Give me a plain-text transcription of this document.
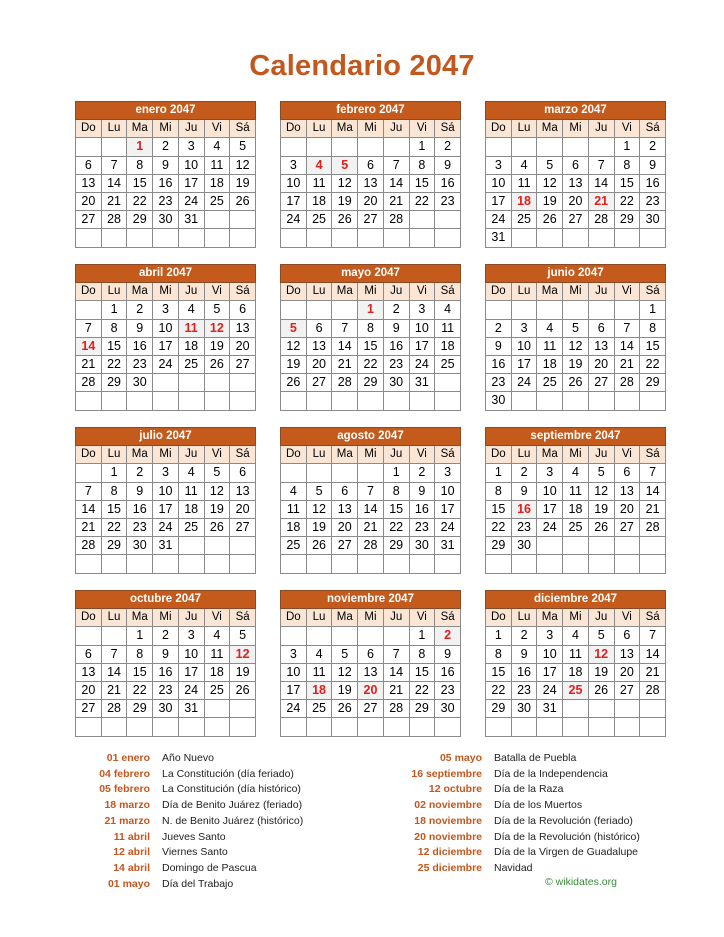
Calendario 2047
enero 2047						
Do	Lu	Ma	Mi	Ju	Vi	Sá
		1	2	3	4	5
6	7	8	9	10	11	12
13	14	15	16	17	18	19
20	21	22	23	24	25	26
27	28	29	30	31		

febrero 2047						
Do	Lu	Ma	Mi	Ju	Vi	Sá
					1	2
3	4	5	6	7	8	9
10	11	12	13	14	15	16
17	18	19	20	21	22	23
24	25	26	27	28		

marzo 2047						
Do	Lu	Ma	Mi	Ju	Vi	Sá
					1	2
3	4	5	6	7	8	9
10	11	12	13	14	15	16
17	18	19	20	21	22	23
24	25	26	27	28	29	30
31						
abril 2047						
Do	Lu	Ma	Mi	Ju	Vi	Sá
	1	2	3	4	5	6
7	8	9	10	11	12	13
14	15	16	17	18	19	20
21	22	23	24	25	26	27
28	29	30				

mayo 2047						
Do	Lu	Ma	Mi	Ju	Vi	Sá
			1	2	3	4
5	6	7	8	9	10	11
12	13	14	15	16	17	18
19	20	21	22	23	24	25
26	27	28	29	30	31	

junio 2047						
Do	Lu	Ma	Mi	Ju	Vi	Sá
						1
2	3	4	5	6	7	8
9	10	11	12	13	14	15
16	17	18	19	20	21	22
23	24	25	26	27	28	29
30						
julio 2047						
Do	Lu	Ma	Mi	Ju	Vi	Sá
	1	2	3	4	5	6
7	8	9	10	11	12	13
14	15	16	17	18	19	20
21	22	23	24	25	26	27
28	29	30	31			

agosto 2047						
Do	Lu	Ma	Mi	Ju	Vi	Sá
				1	2	3
4	5	6	7	8	9	10
11	12	13	14	15	16	17
18	19	20	21	22	23	24
25	26	27	28	29	30	31

septiembre 2047						
Do	Lu	Ma	Mi	Ju	Vi	Sá
1	2	3	4	5	6	7
8	9	10	11	12	13	14
15	16	17	18	19	20	21
22	23	24	25	26	27	28
29	30					

octubre 2047						
Do	Lu	Ma	Mi	Ju	Vi	Sá
		1	2	3	4	5
6	7	8	9	10	11	12
13	14	15	16	17	18	19
20	21	22	23	24	25	26
27	28	29	30	31		

noviembre 2047						
Do	Lu	Ma	Mi	Ju	Vi	Sá
					1	2
3	4	5	6	7	8	9
10	11	12	13	14	15	16
17	18	19	20	21	22	23
24	25	26	27	28	29	30

diciembre 2047						
Do	Lu	Ma	Mi	Ju	Vi	Sá
1	2	3	4	5	6	7
8	9	10	11	12	13	14
15	16	17	18	19	20	21
22	23	24	25	26	27	28
29	30	31				

01 enero Año Nuevo
04 febrero La Constitución (día feriado)
05 febrero La Constitución (día histórico)
18 marzo Día de Benito Juárez (feriado)
21 marzo N. de Benito Juárez (histórico)
11 abril Jueves Santo
12 abril Viernes Santo
14 abril Domingo de Pascua
01 mayo Día del Trabajo
05 mayo Batalla de Puebla
16 septiembre Día de la Independencia
12 octubre Día de la Raza
02 noviembre Día de los Muertos
18 noviembre Día de la Revolución (feriado)
20 noviembre Día de la Revolución (histórico)
12 diciembre Día de la Virgen de Guadalupe
25 diciembre Navidad
© wikidates.org
